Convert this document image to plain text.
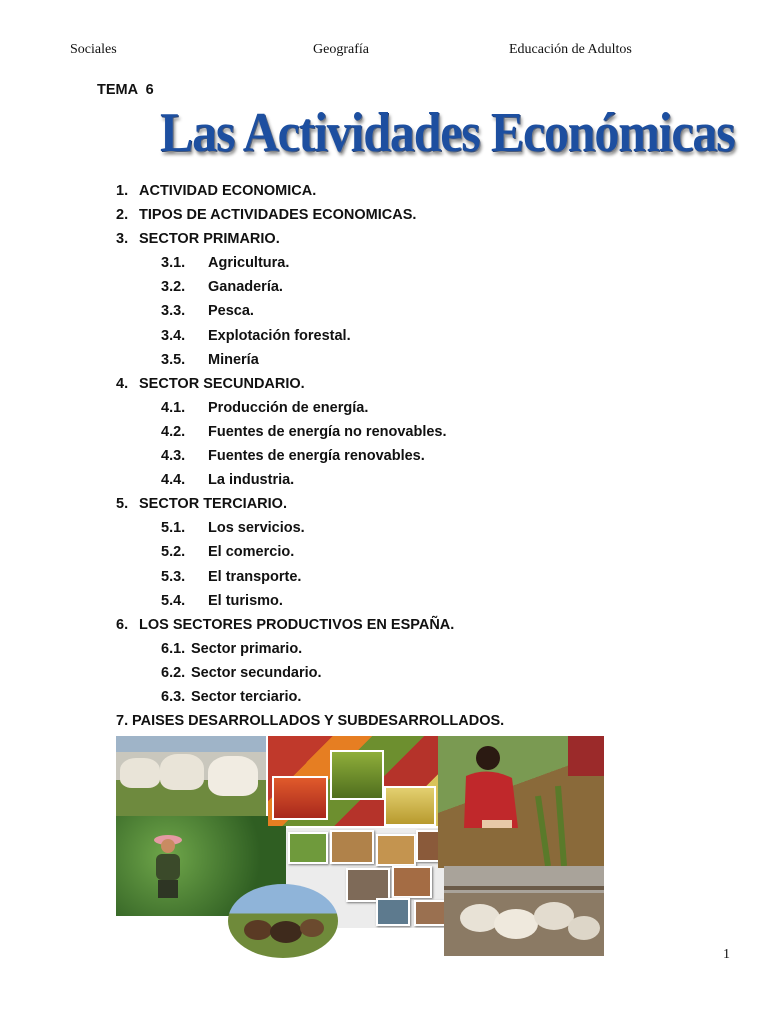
Sociales	Geografía	Educación de Adultos
TEMA  6
Las Actividades Económicas
1. ACTIVIDAD ECONOMICA.
2. TIPOS DE ACTIVIDADES ECONOMICAS.
3. SECTOR PRIMARIO.
3.1. Agricultura.
3.2. Ganadería.
3.3. Pesca.
3.4. Explotación forestal.
3.5. Minería
4. SECTOR SECUNDARIO.
4.1. Producción de energía.
4.2. Fuentes de energía no renovables.
4.3. Fuentes de energía renovables.
4.4. La industria.
5. SECTOR TERCIARIO.
5.1. Los servicios.
5.2. El comercio.
5.3. El transporte.
5.4. El turismo.
6. LOS SECTORES PRODUCTIVOS EN ESPAÑA.
6.1. Sector primario.
6.2. Sector secundario.
6.3. Sector terciario.
7. PAISES DESARROLLADOS Y SUBDESARROLLADOS.
1
